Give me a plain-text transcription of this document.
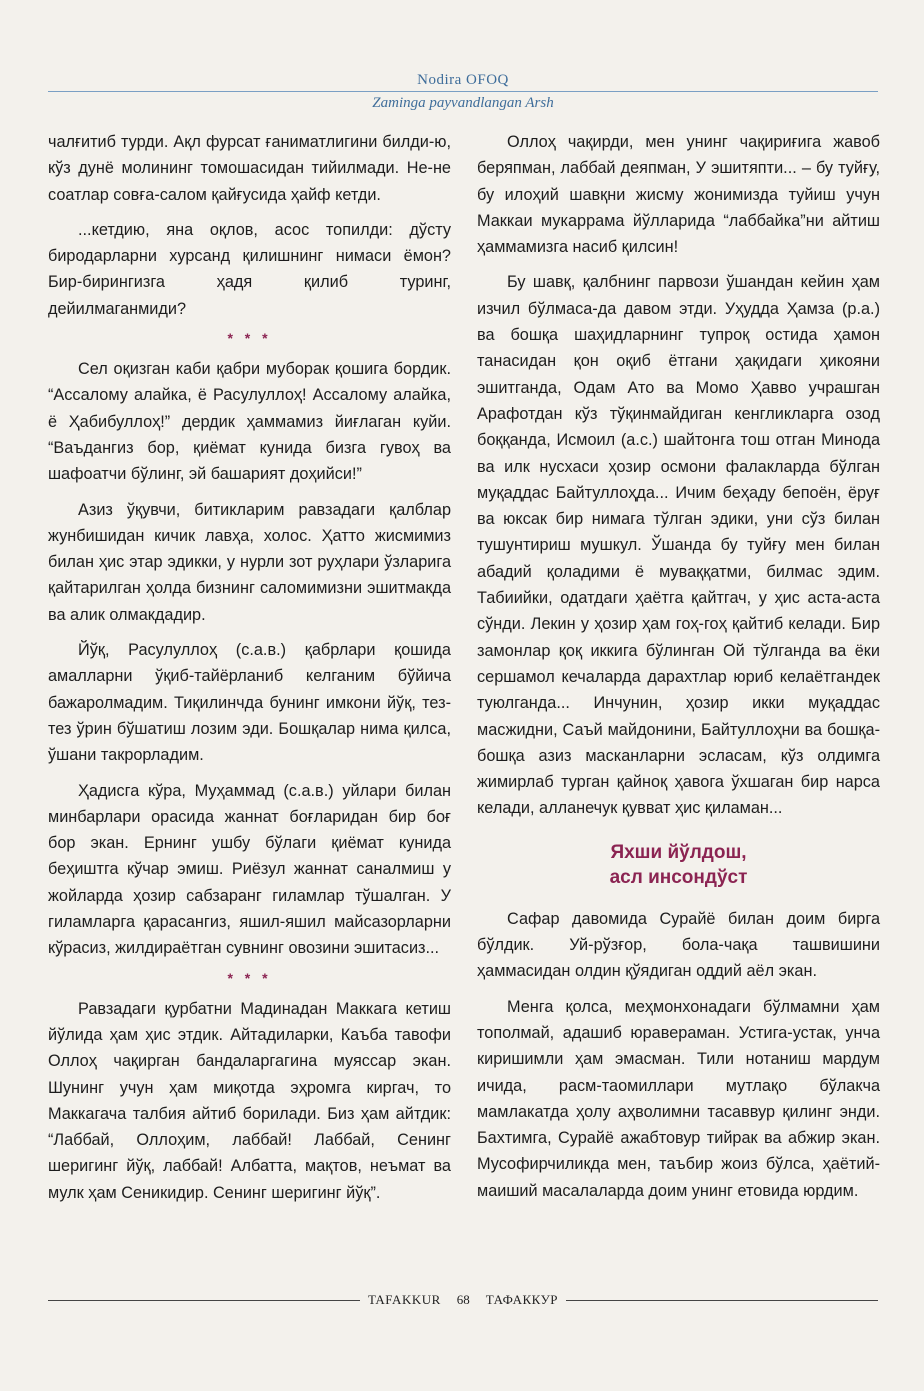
Nodira OFOQ
Zaminga payvandlangan Arsh

чалғитиб турди. Ақл фурсат ғаниматлигини билди-ю, кўз дунё молининг томошасидан тийилмади. Не-не соатлар совға-салом қайғусида ҳайф кетди.

...кетдию, яна оқлов, асос топилди: дўсту биродарларни хурсанд қилишнинг нимаси ёмон? Бир-бирингизга ҳадя қилиб туринг, дейилмаганмиди?

* * *

Сел оқизган каби қабри муборак қошига бордик. “Ассалому алайка, ё Расулуллоҳ! Ассалому алайка, ё Ҳабибуллоҳ!” дердик ҳаммамиз йиғлаган куйи. “Ваъдангиз бор, қиёмат кунида бизга гувоҳ ва шафоатчи бўлинг, эй башарият доҳийси!”

Азиз ўқувчи, битикларим равзадаги қалблар жунбишидан кичик лавҳа, холос. Ҳатто жисмимиз билан ҳис этар эдикки, у нурли зот руҳлари ўзларига қайтарилган ҳолда бизнинг саломимизни эшитмакда ва алик олмакдадир.

Йўқ, Расулуллоҳ (с.а.в.) қабрлари қошида амалларни ўқиб-тайёрланиб келганим бўйича бажаролмадим. Тиқилинчда бунинг имкони йўқ, тез-тез ўрин бўшатиш лозим эди. Бошқалар нима қилса, ўшани такрорладим.

Ҳадисга кўра, Муҳаммад (с.а.в.) уйлари билан минбарлари орасида жаннат боғларидан бир боғ бор экан. Ернинг ушбу бўлаги қиёмат кунида беҳиштга кўчар эмиш. Риёзул жаннат саналмиш у жойларда ҳозир сабзаранг гиламлар тўшалган. У гиламларга қарасангиз, яшил-яшил майсазорларни кўрасиз, жилдираётган сувнинг овозини эшитасиз...

* * *

Равзадаги қурбатни Мадинадан Маккага кетиш йўлида ҳам ҳис этдик. Айтадиларки, Каъба тавофи Оллоҳ чақирган бандаларгагина муяссар экан. Шунинг учун ҳам миқотда эҳромга киргач, то Маккагача талбия айтиб борилади. Биз ҳам айтдик: “Лаббай, Оллоҳим, лаббай! Лаббай, Сенинг шеригинг йўқ, лаббай! Албатта, мақтов, неъмат ва мулк ҳам Сеникидир. Сенинг шеригинг йўқ”.

Оллоҳ чақирди, мен унинг чақириғига жавоб беряпман, лаббай деяпман, У эшитяпти... – бу туйғу, бу илоҳий шавқни жисму жонимизда туйиш учун Маккаи мукаррама йўлларида “лаббайка”ни айтиш ҳаммамизга насиб қилсин!

Бу шавқ, қалбнинг парвози ўшандан кейин ҳам изчил бўлмаса-да давом этди. Уҳудда Ҳамза (р.а.) ва бошқа шаҳидларнинг тупроқ остида ҳамон танасидан қон оқиб ётгани ҳақидаги ҳикояни эшитганда, Одам Ато ва Момо Ҳавво учрашган Арафотдан кўз тўқинмайдиган кенгликларга озод боққанда, Исмоил (а.с.) шайтонга тош отган Минода ва илк нусхаси ҳозир осмони фалакларда бўлган муқаддас Байтуллоҳда... Ичим беҳаду бепоён, ёруғ ва юксак бир нимага тўлган эдики, уни сўз билан тушунтириш мушкул. Ўшанда бу туйғу мен билан абадий қоладими ё муваққатми, билмас эдим. Табиийки, одатдаги ҳаётга қайтгач, у ҳис аста-аста сўнди. Лекин у ҳозир ҳам гоҳ-гоҳ қайтиб келади. Бир замонлар қоқ иккига бўлинган Ой тўлганда ва ёки сершамол кечаларда дарахтлар юриб келаётгандек туюлганда... Инчунин, ҳозир икки муқаддас масжидни, Саъй майдонини, Байтуллоҳни ва бошқа-бошқа азиз масканларни эсласам, кўз олдимга жимирлаб турган қайноқ ҳавога ўхшаган бир нарса келади, алланечук қувват ҳис қиламан...

Яхши йўлдош,
асл инсондўст

Сафар давомида Сурайё билан доим бирга бўлдик. Уй-рўзғор, бола-чақа ташвишини ҳаммасидан олдин қўядиган оддий аёл экан.

Менга қолса, меҳмонхонадаги бўлмамни ҳам тополмай, адашиб юравераман. Устига-устак, унча киришимли ҳам эмасман. Тили нотаниш мардум ичида, расм-таомиллари мутлақо бўлакча мамлакатда ҳолу аҳволимни тасаввур қилинг энди. Бахтимга, Сурайё ажабтовур тийрак ва абжир экан. Мусофирчиликда мен, таъбир жоиз бўлса, ҳаётий-маиший масалаларда доим унинг етовида юрдим.

TAFAKKUR	68	ТАФАККУР
